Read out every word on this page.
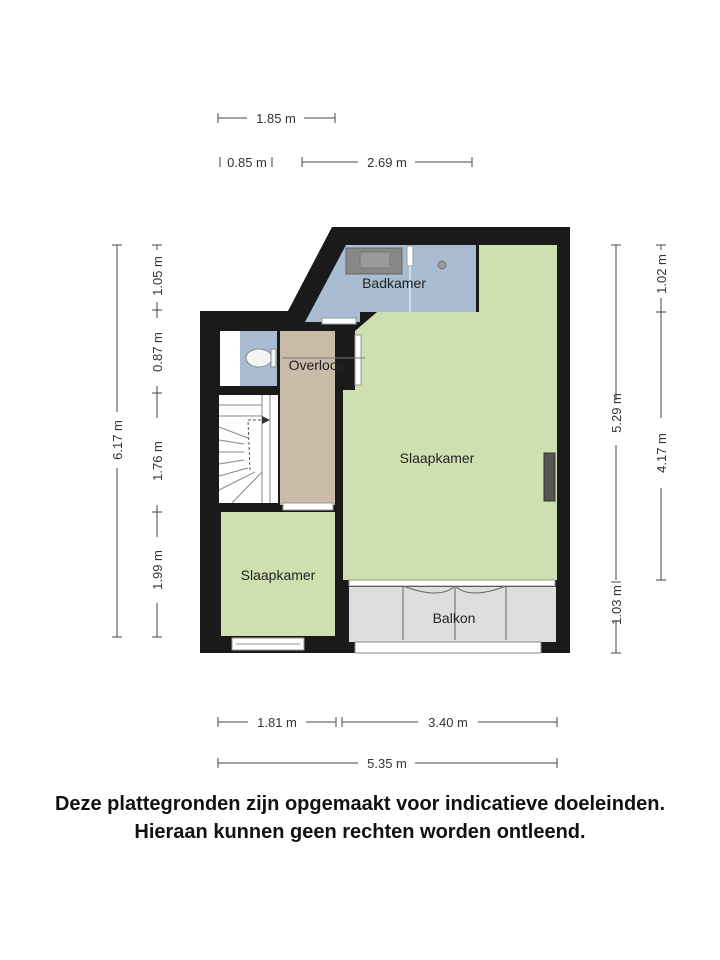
Badkamer
Overloop
Slaapkamer
Slaapkamer
Balkon
1.85 m
0.85 m	2.69 m
6.17 m
1.05 m
0.87 m
1.76 m
1.99 m
5.29 m
1.03 m
1.02 m
4.17 m
1.81 m	3.40 m
5.35 m
Deze plattegronden zijn opgemaakt voor indicatieve doeleinden.
Hieraan kunnen geen rechten worden ontleend.
